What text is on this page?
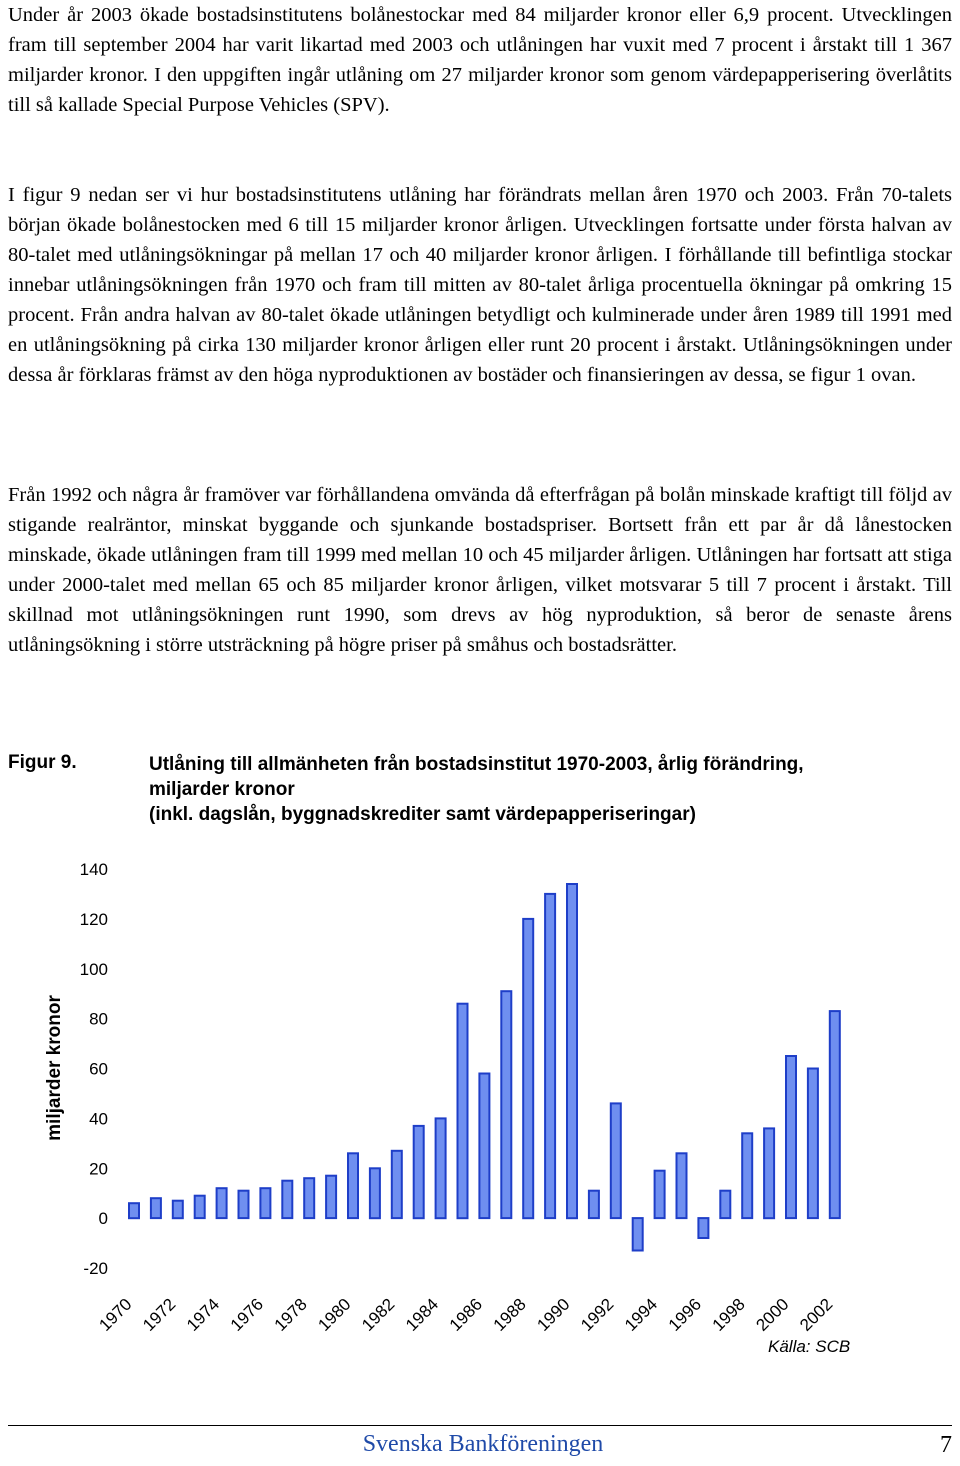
Under år 2003 ökade bostadsinstitutens bolånestockar med 84 miljarder kronor eller 6,9 procent. Utvecklingen fram till september 2004 har varit likartad med 2003 och utlåningen har vuxit med 7 procent i årstakt till 1 367 miljarder kronor. I den uppgiften ingår utlåning om 27 miljarder kronor som genom värdepapperisering överlåtits till så kallade Special Purpose Vehicles (SPV).

I figur 9 nedan ser vi hur bostadsinstitutens utlåning har förändrats mellan åren 1970 och 2003. Från 70-talets början ökade bolånestocken med 6 till 15 miljarder kronor årligen. Utvecklingen fortsatte under första halvan av 80-talet med utlåningsökningar på mellan 17 och 40 miljarder kronor årligen. I förhållande till befintliga stockar innebar utlåningsökningen från 1970 och fram till mitten av 80-talet årliga procentuella ökningar på omkring 15 procent. Från andra halvan av 80-talet ökade utlåningen betydligt och kulminerade under åren 1989 till 1991 med en utlåningsökning på cirka 130 miljarder kronor årligen eller runt 20 procent i årstakt. Utlåningsökningen under dessa år förklaras främst av den höga nyproduktionen av bostäder och finansieringen av dessa, se figur 1 ovan.

Från 1992 och några år framöver var förhållandena omvända då efterfrågan på bolån minskade kraftigt till följd av stigande realräntor, minskat byggande och sjunkande bostadspriser. Bortsett från ett par år då lånestocken minskade, ökade utlåningen fram till 1999 med mellan 10 och 45 miljarder årligen. Utlåningen har fortsatt att stiga under 2000-talet med mellan 65 och 85 miljarder kronor årligen, vilket motsvarar 5 till 7 procent i årstakt. Till skillnad mot utlåningsökningen runt 1990, som drevs av hög nyproduktion, så beror de senaste årens utlåningsökning i större utsträckning på högre priser på småhus och bostadsrätter.

Figur 9.	Utlåning till allmänheten från bostadsinstitut 1970-2003, årlig förändring,
miljarder kronor
(inkl. dagslån, byggnadskrediter samt värdepapperiseringar)
140
120
100
80
60
40
20
0
-20
1970 1972 1974 1976 1978 1980 1982 1984 1986 1988 1990 1992 1994 1996 1998 2000 2002
miljarder kronor
Källa: SCB

Svenska Bankföreningen	7
